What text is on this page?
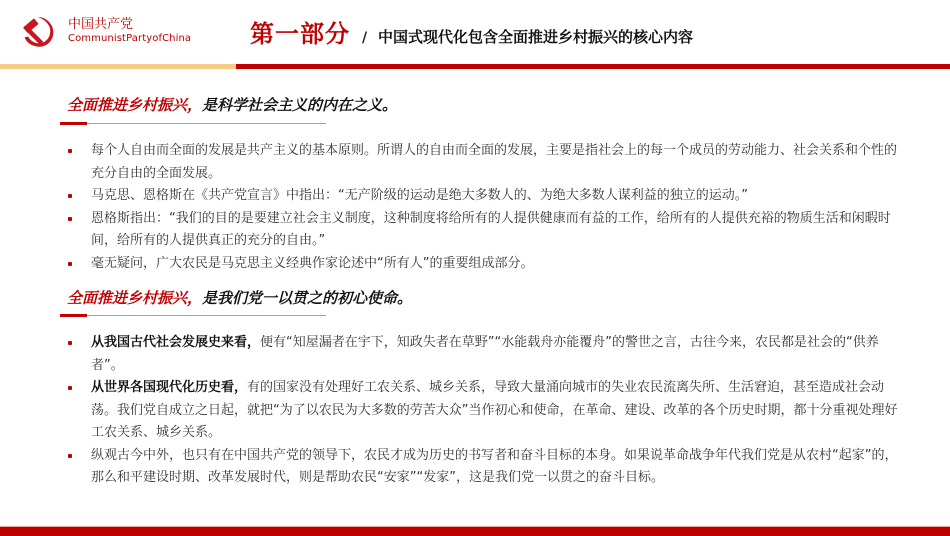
中国共产党
CommunistPartyofChina 第一部分 / 中国式现代化包含全面推进乡村振兴的核心内容
全面推进乡村振兴，是科学社会主义的内在之义。
每个人自由而全面的发展是共产主义的基本原则。所谓人的自由而全面的发展，主要是指社会上的每一个成员的劳动能力、社会关系和个性的充分自由的全面发展。
马克思、恩格斯在《共产党宣言》中指出：“无产阶级的运动是绝大多数人的、为绝大多数人谋利益的独立的运动。”
恩格斯指出：“我们的目的是要建立社会主义制度，这种制度将给所有的人提供健康而有益的工作，给所有的人提供充裕的物质生活和闲暇时间，给所有的人提供真正的充分的自由。”
毫无疑问，广大农民是马克思主义经典作家论述中“所有人”的重要组成部分。
全面推进乡村振兴，是我们党一以贯之的初心使命。
从我国古代社会发展史来看，便有“知屋漏者在宇下，知政失者在草野”“水能载舟亦能覆舟”的警世之言，古往今来，农民都是社会的“供养者”。
从世界各国现代化历史看，有的国家没有处理好工农关系、城乡关系，导致大量涌向城市的失业农民流离失所、生活窘迫，甚至造成社会动荡。我们党自成立之日起，就把“为了以农民为大多数的劳苦大众”当作初心和使命，在革命、建设、改革的各个历史时期，都十分重视处理好工农关系、城乡关系。
纵观古今中外，也只有在中国共产党的领导下，农民才成为历史的书写者和奋斗目标的本身。如果说革命战争年代我们党是从农村“起家”的，那么和平建设时期、改革发展时代，则是帮助农民“安家”“发家”，这是我们党一以贯之的奋斗目标。
